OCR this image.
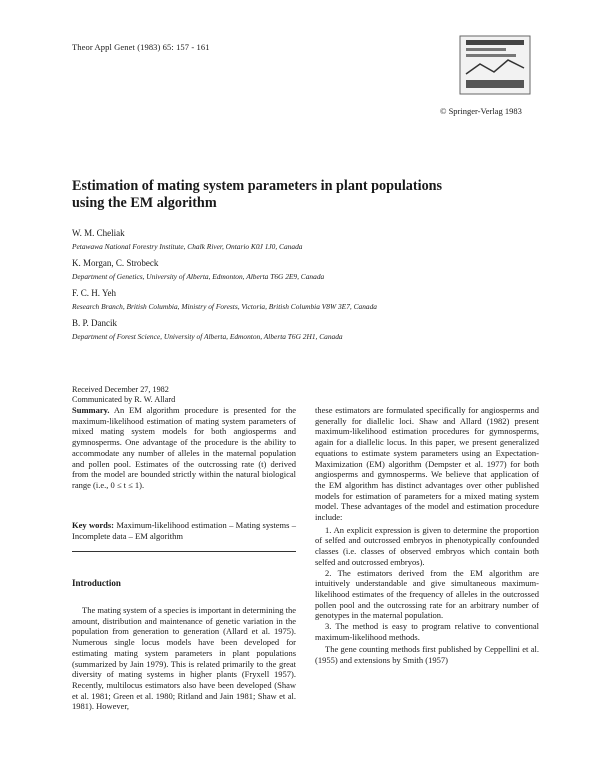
Theor Appl Genet (1983) 65: 157 - 161
© Springer-Verlag 1983
Estimation of mating system parameters in plant populations
using the EM algorithm
W. M. Cheliak
Petawawa National Forestry Institute, Chalk River, Ontario K0J 1J0, Canada
K. Morgan, C. Strobeck
Department of Genetics, University of Alberta, Edmonton, Alberta T6G 2E9, Canada
F. C. H. Yeh
Research Branch, British Columbia, Ministry of Forests, Victoria, British Columbia V8W 3E7, Canada
B. P. Dancik
Department of Forest Science, University of Alberta, Edmonton, Alberta T6G 2H1, Canada
Received December 27, 1982
Communicated by R. W. Allard

Summary. An EM algorithm procedure is presented for the maximum-likelihood estimation of mating system parameters of mixed mating system models for both angiosperms and gymnosperms. One advantage of the procedure is the ability to accommodate any number of alleles in the maternal population and pollen pool. Estimates of the outcrossing rate (t) derived from the model are bounded strictly within the natural biological range (i.e., 0 ≤ t ≤ 1).

Key words: Maximum-likelihood estimation – Mating systems – Incomplete data – EM algorithm

Introduction

The mating system of a species is important in determining the amount, distribution and maintenance of genetic variation in the population from generation to generation (Allard et al. 1975). Numerous single locus models have been developed for estimating mating system parameters in plant populations (summarized by Jain 1979). This is related primarily to the great diversity of mating systems in higher plants (Fryxell 1957). Recently, multilocus estimators also have been developed (Shaw et al. 1981; Green et al. 1980; Ritland and Jain 1981; Shaw et al. 1981). However,

these estimators are formulated specifically for angiosperms and generally for diallelic loci. Shaw and Allard (1982) present maximum-likelihood estimation procedures for gymnosperms, again for a diallelic locus. In this paper, we present generalized equations to estimate system parameters using an Expectation-Maximization (EM) algorithm (Dempster et al. 1977) for both angiosperms and gymnosperms. We believe that application of the EM algorithm has distinct advantages over other published models for estimation of parameters for a mixed mating system model. These advantages of the model and estimation procedure include:

1. An explicit expression is given to determine the proportion of selfed and outcrossed embryos in phenotypically confounded classes (i.e. classes of observed embryos which contain both selfed and outcrossed embryos).

2. The estimators derived from the EM algorithm are intuitively understandable and give simultaneous maximum-likelihood estimates of the frequency of alleles in the outcrossed pollen pool and the outcrossing rate for an arbitrary number of genotypes in the maternal population.

3. The method is easy to program relative to conventional maximum-likelihood methods.

The gene counting methods first published by Ceppellini et al. (1955) and extensions by Smith (1957)
